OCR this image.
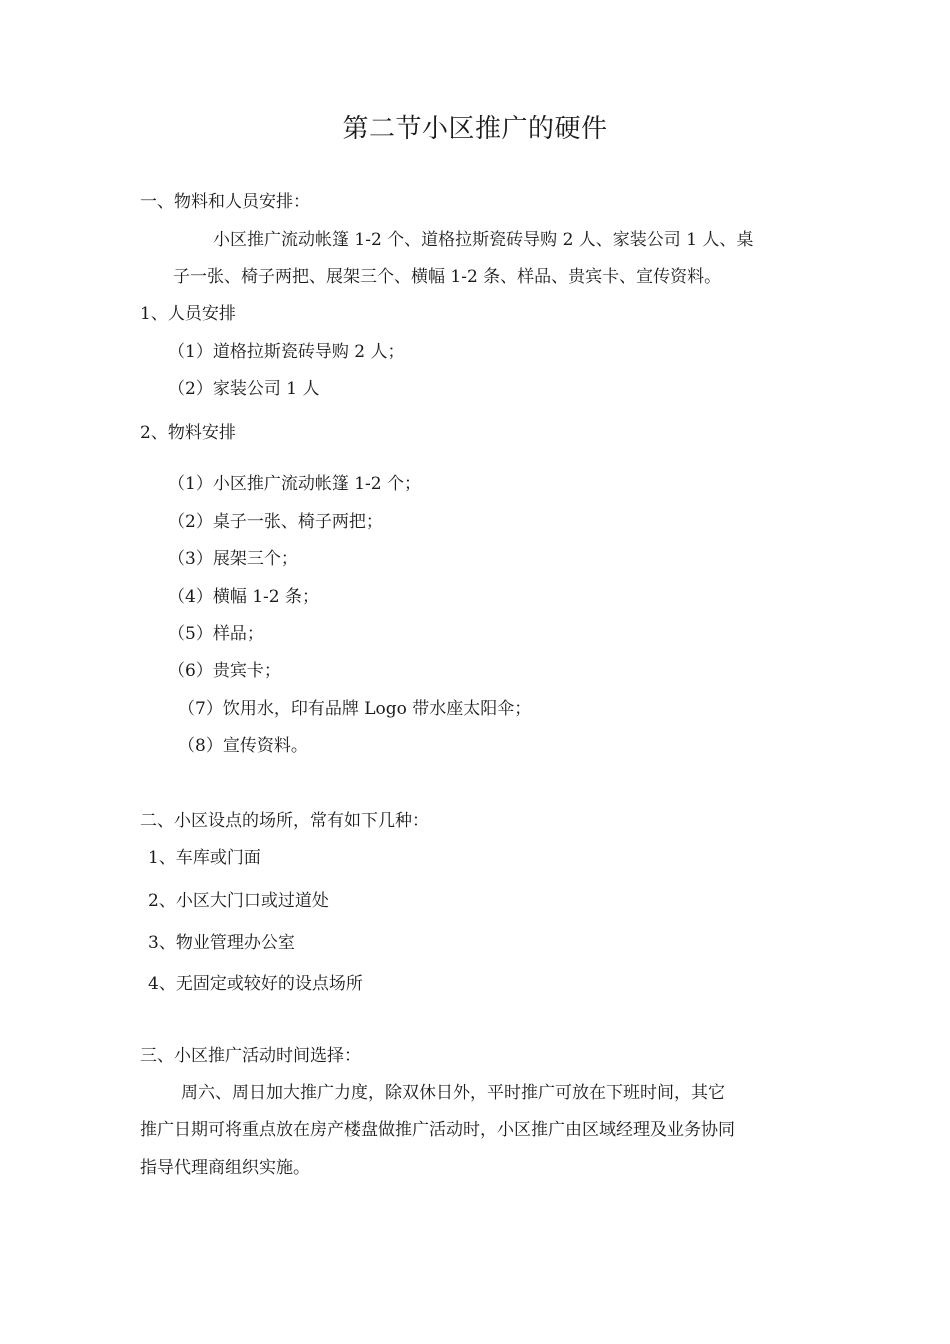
第二节小区推广的硬件
一、物料和人员安排：
小区推广流动帐篷 1-2 个、道格拉斯瓷砖导购 2 人、家装公司 1 人、桌
子一张、椅子两把、展架三个、横幅 1-2 条、样品、贵宾卡、宣传资料。
1、人员安排
（1）道格拉斯瓷砖导购 2 人；
（2）家装公司 1 人
2、物料安排
（1）小区推广流动帐篷 1-2 个；
（2）桌子一张、椅子两把；
（3）展架三个；
（4）横幅 1-2 条；
（5）样品；
（6）贵宾卡；
（7）饮用水，印有品牌 Logo 带水座太阳伞；
（8）宣传资料。
二、小区设点的场所，常有如下几种：
1、车库或门面
2、小区大门口或过道处
3、物业管理办公室
4、无固定或较好的设点场所
三、小区推广活动时间选择：
周六、周日加大推广力度，除双休日外，平时推广可放在下班时间，其它
推广日期可将重点放在房产楼盘做推广活动时，小区推广由区域经理及业务协同
指导代理商组织实施。
